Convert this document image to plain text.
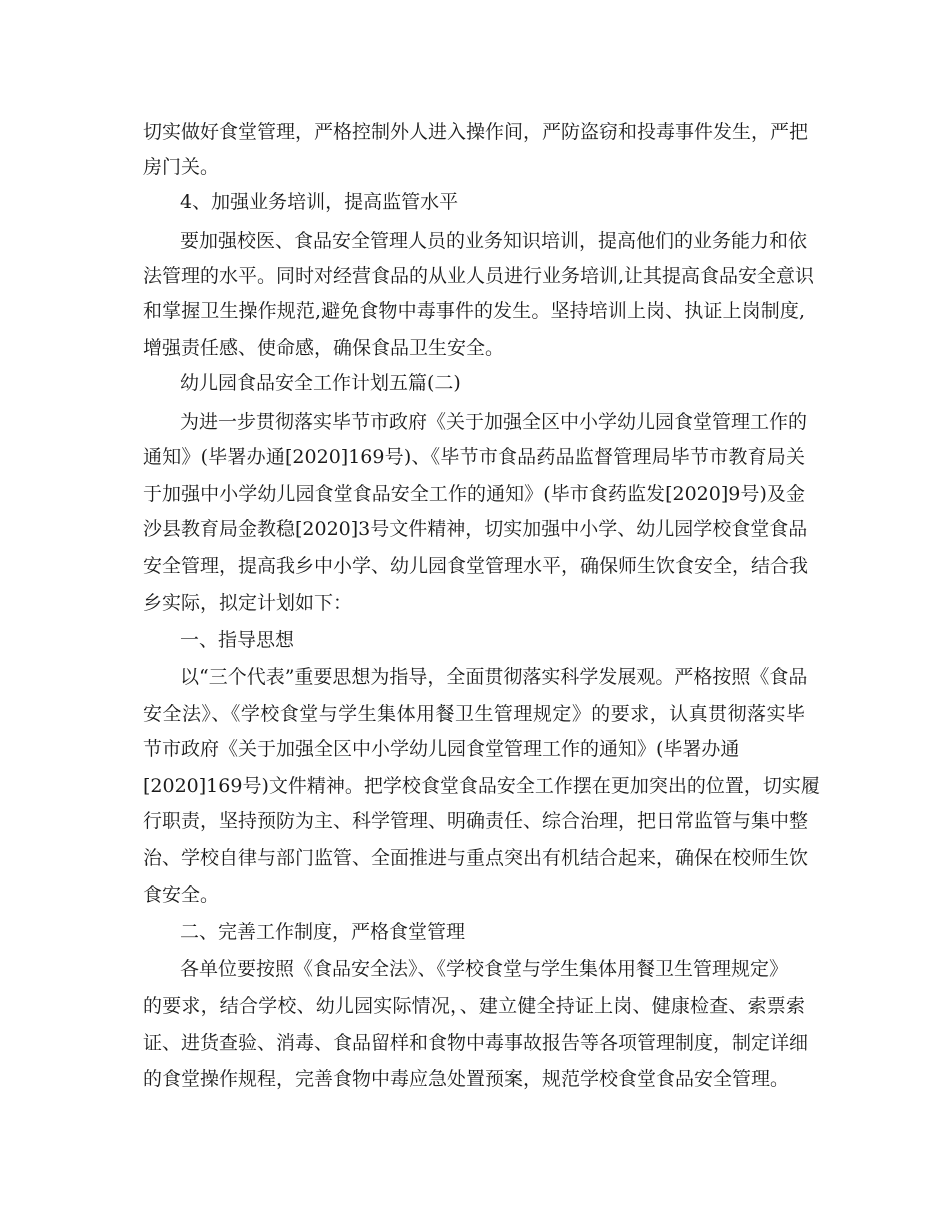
切实做好食堂管理，严格控制外人进入操作间，严防盗窃和投毒事件发生，严把
房门关。
4、加强业务培训，提高监管水平
要加强校医、食品安全管理人员的业务知识培训，提高他们的业务能力和依
法管理的水平。同时对经营食品的从业人员进行业务培训,让其提高食品安全意识
和掌握卫生操作规范,避免食物中毒事件的发生。坚持培训上岗、执证上岗制度,
增强责任感、使命感，确保食品卫生安全。
幼儿园食品安全工作计划五篇(二)
为进一步贯彻落实毕节市政府《关于加强全区中小学幼儿园食堂管理工作的
通知》(毕署办通[2020]169号)、《毕节市食品药品监督管理局毕节市教育局关
于加强中小学幼儿园食堂食品安全工作的通知》(毕市食药监发[2020]9号)及金
沙县教育局金教稳[2020]3号文件精神，切实加强中小学、幼儿园学校食堂食品
安全管理，提高我乡中小学、幼儿园食堂管理水平，确保师生饮食安全，结合我
乡实际，拟定计划如下：
一、指导思想
以“三个代表”重要思想为指导，全面贯彻落实科学发展观。严格按照《食品
安全法》、《学校食堂与学生集体用餐卫生管理规定》的要求，认真贯彻落实毕
节市政府《关于加强全区中小学幼儿园食堂管理工作的通知》(毕署办通
[2020]169号)文件精神。把学校食堂食品安全工作摆在更加突出的位置，切实履
行职责，坚持预防为主、科学管理、明确责任、综合治理，把日常监管与集中整
治、学校自律与部门监管、全面推进与重点突出有机结合起来，确保在校师生饮
食安全。
二、完善工作制度，严格食堂管理
各单位要按照《食品安全法》、《学校食堂与学生集体用餐卫生管理规定》
的要求，结合学校、幼儿园实际情况，、建立健全持证上岗、健康检查、索票索
证、进货查验、消毒、食品留样和食物中毒事故报告等各项管理制度，制定详细
的食堂操作规程，完善食物中毒应急处置预案，规范学校食堂食品安全管理。
